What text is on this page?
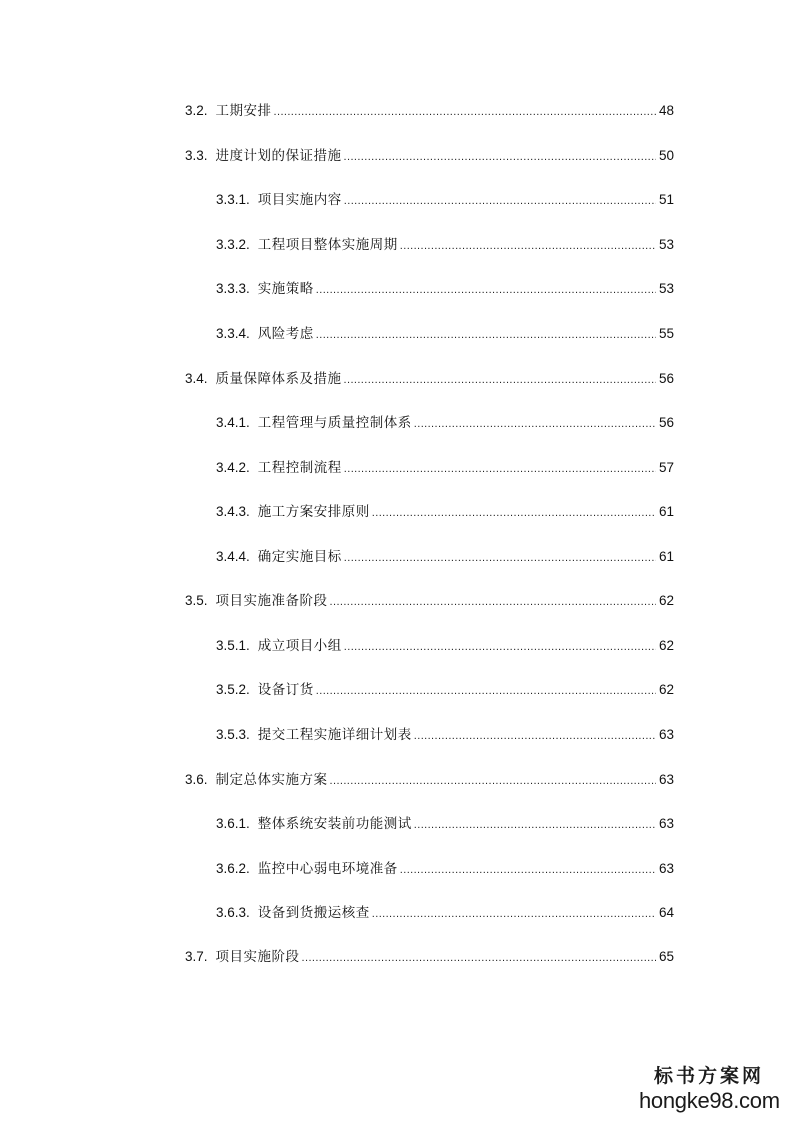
3.2. 工期安排 .....	48
3.3. 进度计划的保证措施 .....	50
3.3.1. 项目实施内容 .....	51
3.3.2. 工程项目整体实施周期 .....	53
3.3.3. 实施策略 .....	53
3.3.4. 风险考虑 .....	55
3.4. 质量保障体系及措施 .....	56
3.4.1. 工程管理与质量控制体系 .....	56
3.4.2. 工程控制流程 .....	57
3.4.3. 施工方案安排原则 .....	61
3.4.4. 确定实施目标 .....	61
3.5. 项目实施准备阶段 .....	62
3.5.1. 成立项目小组 .....	62
3.5.2. 设备订货 .....	62
3.5.3. 提交工程实施详细计划表 .....	63
3.6. 制定总体实施方案 .....	63
3.6.1. 整体系统安装前功能测试 .....	63
3.6.2. 监控中心弱电环境准备 .....	63
3.6.3. 设备到货搬运核查 .....	64
3.7. 项目实施阶段 .....	65
标书方案网
hongke98.com
